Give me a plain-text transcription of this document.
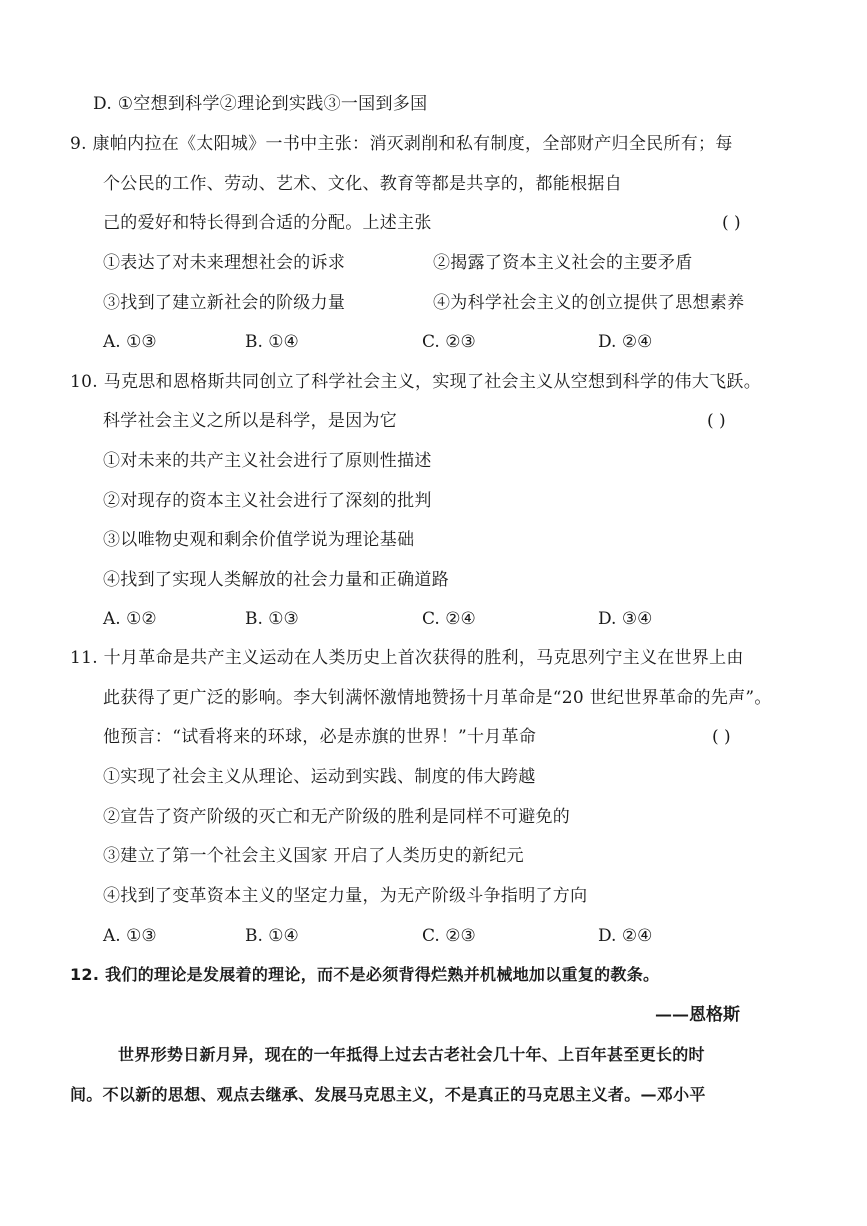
D. ①空想到科学②理论到实践③一国到多国
9. 康帕内拉在《太阳城》一书中主张：消灭剥削和私有制度，全部财产归全民所有；每
个公民的工作、劳动、艺术、文化、教育等都是共享的，都能根据自
己的爱好和特长得到合适的分配。上述主张	( )
①表达了对未来理想社会的诉求	②揭露了资本主义社会的主要矛盾
③找到了建立新社会的阶级力量	④为科学社会主义的创立提供了思想素养
A. ①③	B. ①④	C. ②③	D. ②④
10. 马克思和恩格斯共同创立了科学社会主义，实现了社会主义从空想到科学的伟大飞跃。
科学社会主义之所以是科学，是因为它	( )
①对未来的共产主义社会进行了原则性描述
②对现存的资本主义社会进行了深刻的批判
③以唯物史观和剩余价值学说为理论基础
④找到了实现人类解放的社会力量和正确道路
A. ①②	B. ①③	C. ②④	D. ③④
11. 十月革命是共产主义运动在人类历史上首次获得的胜利，马克思列宁主义在世界上由
此获得了更广泛的影响。李大钊满怀激情地赞扬十月革命是“20 世纪世界革命的先声”。
他预言：“试看将来的环球，必是赤旗的世界！”十月革命	( )
①实现了社会主义从理论、运动到实践、制度的伟大跨越
②宣告了资产阶级的灭亡和无产阶级的胜利是同样不可避免的
③建立了第一个社会主义国家 开启了人类历史的新纪元
④找到了变革资本主义的坚定力量，为无产阶级斗争指明了方向
A. ①③	B. ①④	C. ②③	D. ②④
12. 我们的理论是发展着的理论，而不是必须背得烂熟并机械地加以重复的教条。
——恩格斯
世界形势日新月异，现在的一年抵得上过去古老社会几十年、上百年甚至更长的时
间。不以新的思想、观点去继承、发展马克思主义，不是真正的马克思主义者。—邓小平
